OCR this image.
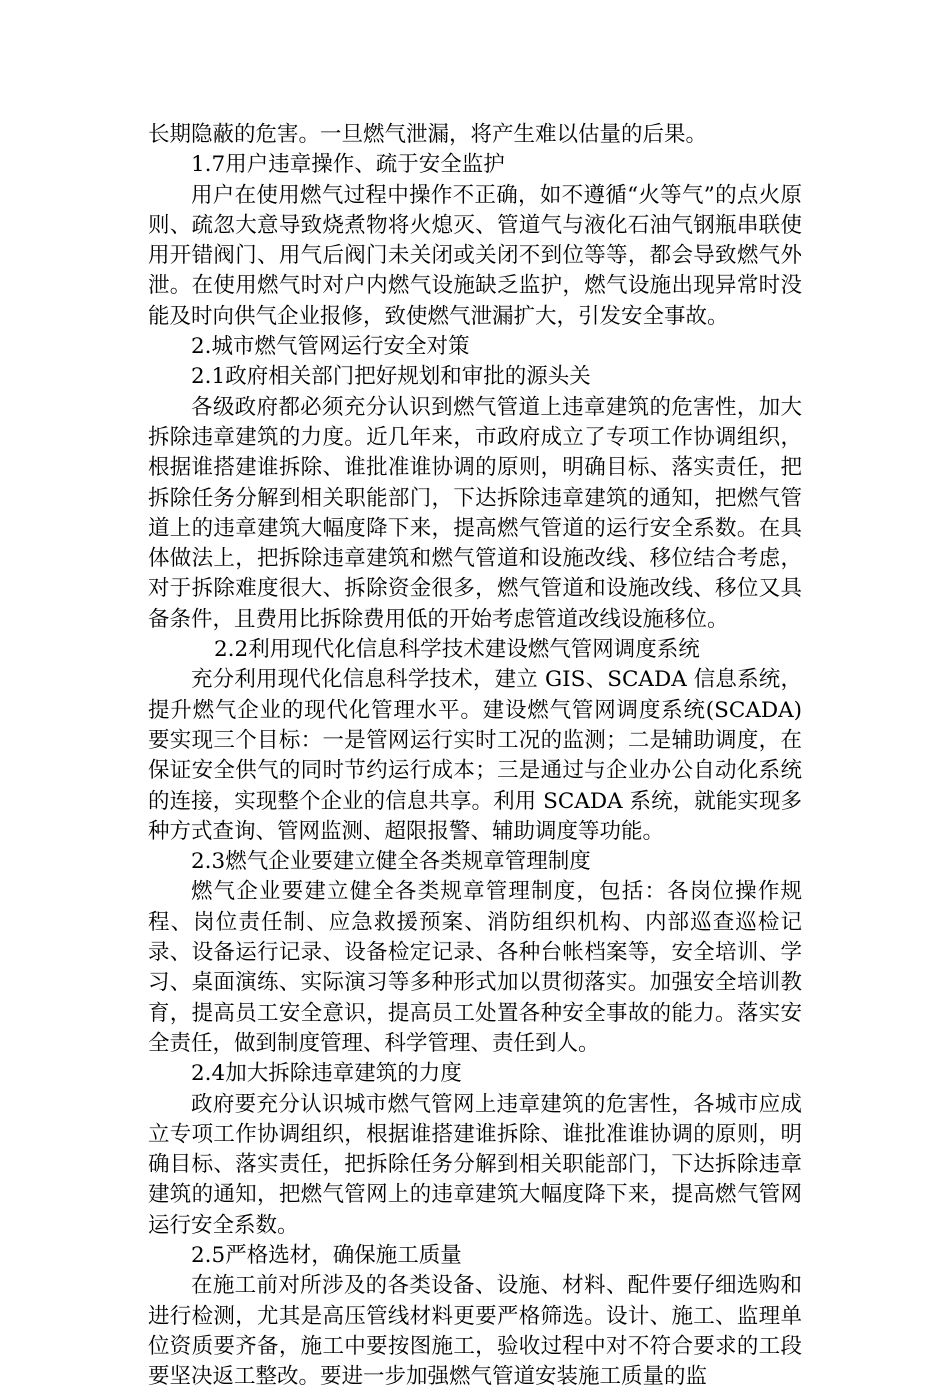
长期隐蔽的危害。一旦燃气泄漏，将产生难以估量的后果。

1.7用户违章操作、疏于安全监护

用户在使用燃气过程中操作不正确，如不遵循“火等气”的点火原则、疏忽大意导致烧煮物将火熄灭、管道气与液化石油气钢瓶串联使用开错阀门、用气后阀门未关闭或关闭不到位等等，都会导致燃气外泄。在使用燃气时对户内燃气设施缺乏监护，燃气设施出现异常时没能及时向供气企业报修，致使燃气泄漏扩大，引发安全事故。

2.城市燃气管网运行安全对策

2.1政府相关部门把好规划和审批的源头关

各级政府都必须充分认识到燃气管道上违章建筑的危害性，加大拆除违章建筑的力度。近几年来，市政府成立了专项工作协调组织，根据谁搭建谁拆除、谁批准谁协调的原则，明确目标、落实责任，把拆除任务分解到相关职能部门，下达拆除违章建筑的通知，把燃气管道上的违章建筑大幅度降下来，提高燃气管道的运行安全系数。在具体做法上，把拆除违章建筑和燃气管道和设施改线、移位结合考虑，对于拆除难度很大、拆除资金很多，燃气管道和设施改线、移位又具备条件，且费用比拆除费用低的开始考虑管道改线设施移位。

2.2利用现代化信息科学技术建设燃气管网调度系统

充分利用现代化信息科学技术，建立 GIS、SCADA 信息系统，提升燃气企业的现代化管理水平。建设燃气管网调度系统(SCADA)要实现三个目标：一是管网运行实时工况的监测；二是辅助调度，在保证安全供气的同时节约运行成本；三是通过与企业办公自动化系统的连接，实现整个企业的信息共享。利用 SCADA 系统，就能实现多种方式查询、管网监测、超限报警、辅助调度等功能。

2.3燃气企业要建立健全各类规章管理制度

燃气企业要建立健全各类规章管理制度，包括：各岗位操作规程、岗位责任制、应急救援预案、消防组织机构、内部巡查巡检记录、设备运行记录、设备检定记录、各种台帐档案等，安全培训、学习、桌面演练、实际演习等多种形式加以贯彻落实。加强安全培训教育，提高员工安全意识，提高员工处置各种安全事故的能力。落实安全责任，做到制度管理、科学管理、责任到人。

2.4加大拆除违章建筑的力度

政府要充分认识城市燃气管网上违章建筑的危害性，各城市应成立专项工作协调组织，根据谁搭建谁拆除、谁批准谁协调的原则，明确目标、落实责任，把拆除任务分解到相关职能部门，下达拆除违章建筑的通知，把燃气管网上的违章建筑大幅度降下来，提高燃气管网运行安全系数。

2.5严格选材，确保施工质量

在施工前对所涉及的各类设备、设施、材料、配件要仔细选购和进行检测，尤其是高压管线材料更要严格筛选。设计、施工、监理单位资质要齐备，施工中要按图施工，验收过程中对不符合要求的工段要坚决返工整改。要进一步加强燃气管道安装施工质量的监
